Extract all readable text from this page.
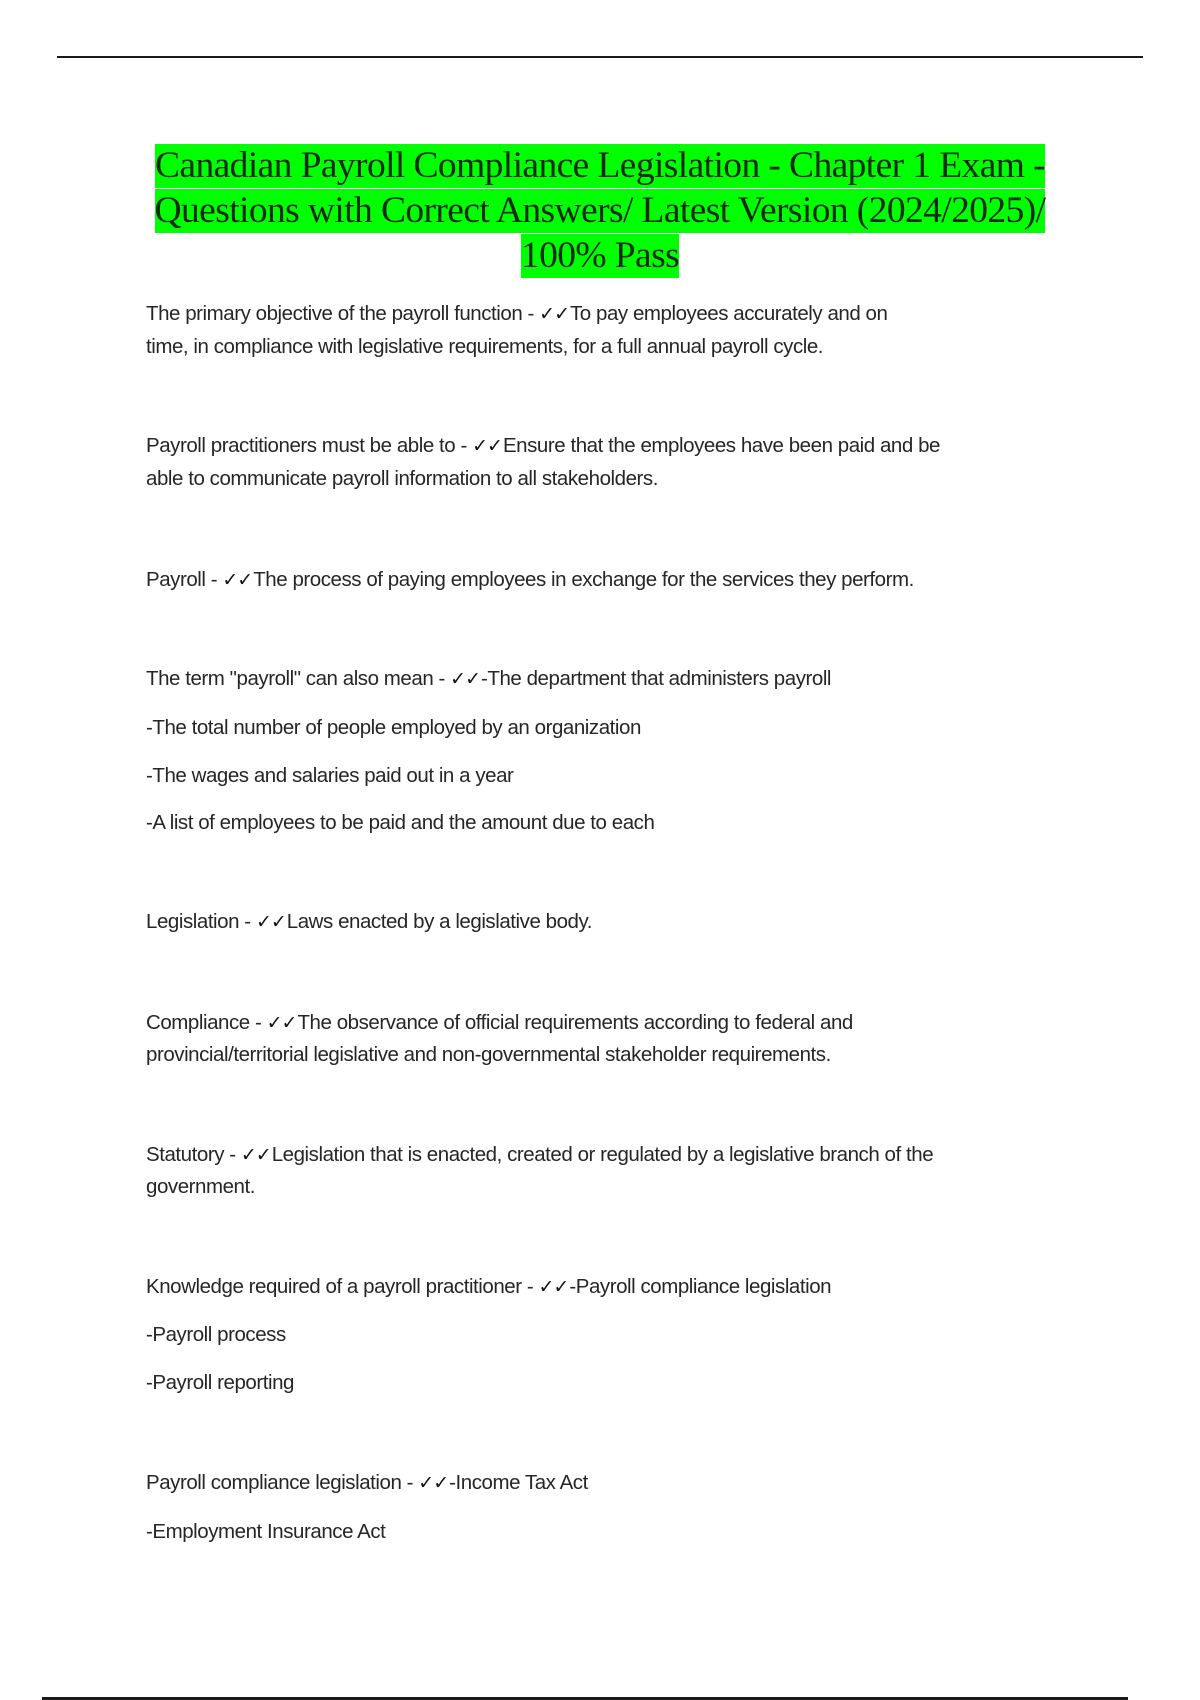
Canadian Payroll Compliance Legislation - Chapter 1 Exam -
Questions with Correct Answers/ Latest Version (2024/2025)/
100% Pass
The primary objective of the payroll function - ✓✓To pay employees accurately and on
time, in compliance with legislative requirements, for a full annual payroll cycle.
Payroll practitioners must be able to - ✓✓Ensure that the employees have been paid and be
able to communicate payroll information to all stakeholders.
Payroll - ✓✓The process of paying employees in exchange for the services they perform.
The term "payroll" can also mean - ✓✓-The department that administers payroll
-The total number of people employed by an organization
-The wages and salaries paid out in a year
-A list of employees to be paid and the amount due to each
Legislation - ✓✓Laws enacted by a legislative body.
Compliance - ✓✓The observance of official requirements according to federal and
provincial/territorial legislative and non-governmental stakeholder requirements.
Statutory - ✓✓Legislation that is enacted, created or regulated by a legislative branch of the
government.
Knowledge required of a payroll practitioner - ✓✓-Payroll compliance legislation
-Payroll process
-Payroll reporting
Payroll compliance legislation - ✓✓-Income Tax Act
-Employment Insurance Act
